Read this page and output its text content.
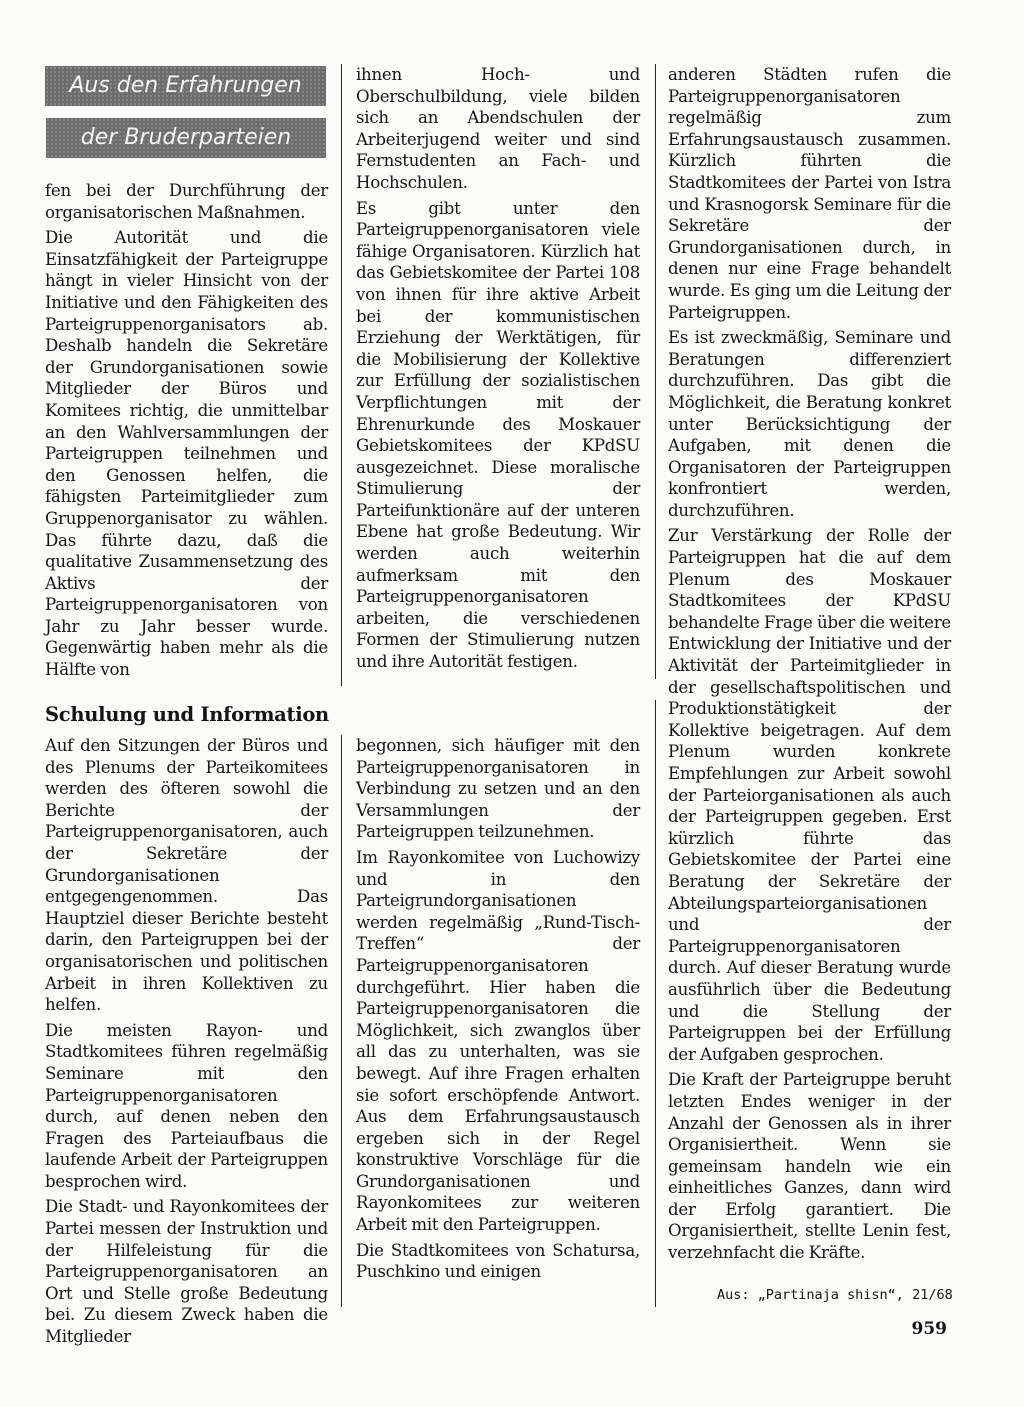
Aus den Erfahrungen
der Bruderparteien

fen bei der Durchführung der organisatorischen Maßnahmen.

Die Autorität und die Einsatzfähigkeit der Parteigruppe hängt in vieler Hinsicht von der Initiative und den Fähigkeiten des Parteigruppenorganisators ab. Deshalb handeln die Sekretäre der Grundorganisationen sowie Mitglieder der Büros und Komitees richtig, die unmittelbar an den Wahlversammlungen der Parteigruppen teilnehmen und den Genossen helfen, die fähigsten Parteimitglieder zum Gruppenorganisator zu wählen. Das führte dazu, daß die qualitative Zusammensetzung des Aktivs der Parteigruppenorganisatoren von Jahr zu Jahr besser wurde. Gegenwärtig haben mehr als die Hälfte von

ihnen Hoch- und Oberschulbildung, viele bilden sich an Abendschulen der Arbeiterjugend weiter und sind Fernstudenten an Fach- und Hochschulen.

Es gibt unter den Parteigruppenorganisatoren viele fähige Organisatoren. Kürzlich hat das Gebietskomitee der Partei 108 von ihnen für ihre aktive Arbeit bei der kommunistischen Erziehung der Werktätigen, für die Mobilisierung der Kollektive zur Erfüllung der sozialistischen Verpflichtungen mit der Ehrenurkunde des Moskauer Gebietskomitees der KPdSU ausgezeichnet. Diese moralische Stimulierung der Parteifunktionäre auf der unteren Ebene hat große Bedeutung. Wir werden auch weiterhin aufmerksam mit den Parteigruppenorganisatoren arbeiten, die verschiedenen Formen der Stimulierung nutzen und ihre Autorität festigen.

Schulung und Information

Auf den Sitzungen der Büros und des Plenums der Parteikomitees werden des öfteren sowohl die Berichte der Parteigruppenorganisatoren, auch der Sekretäre der Grundorganisationen entgegengenommen. Das Hauptziel dieser Berichte besteht darin, den Parteigruppen bei der organisatorischen und politischen Arbeit in ihren Kollektiven zu helfen.

Die meisten Rayon- und Stadtkomitees führen regelmäßig Seminare mit den Parteigruppenorganisatoren durch, auf denen neben den Fragen des Parteiaufbaus die laufende Arbeit der Parteigruppen besprochen wird.

Die Stadt- und Rayonkomitees der Partei messen der Instruktion und der Hilfeleistung für die Parteigruppenorganisatoren an Ort und Stelle große Bedeutung bei. Zu diesem Zweck haben die Mitglieder

begonnen, sich häufiger mit den Parteigruppenorganisatoren in Verbindung zu setzen und an den Versammlungen der Parteigruppen teilzunehmen.

Im Rayonkomitee von Luchowizy und in den Parteigrundorganisationen werden regelmäßig „Rund-Tisch-Treffen“ der Parteigruppenorganisatoren durchgeführt. Hier haben die Parteigruppenorganisatoren die Möglichkeit, sich zwanglos über all das zu unterhalten, was sie bewegt. Auf ihre Fragen erhalten sie sofort erschöpfende Antwort. Aus dem Erfahrungsaustausch ergeben sich in der Regel konstruktive Vorschläge für die Grundorganisationen und Rayonkomitees zur weiteren Arbeit mit den Parteigruppen.

Die Stadtkomitees von Schatursa, Puschkino und einigen

anderen Städten rufen die Parteigruppenorganisatoren regelmäßig zum Erfahrungsaustausch zusammen. Kürzlich führten die Stadtkomitees der Partei von Istra und Krasnogorsk Seminare für die Sekretäre der Grundorganisationen durch, in denen nur eine Frage behandelt wurde. Es ging um die Leitung der Parteigruppen.

Es ist zweckmäßig, Seminare und Beratungen differenziert durchzuführen. Das gibt die Möglichkeit, die Beratung konkret unter Berücksichtigung der Aufgaben, mit denen die Organisatoren der Parteigruppen konfrontiert werden, durchzuführen.

Zur Verstärkung der Rolle der Parteigruppen hat die auf dem Plenum des Moskauer Stadtkomitees der KPdSU behandelte Frage über die weitere Entwicklung der Initiative und der Aktivität der Parteimitglieder in der gesellschaftspolitischen und Produktionstätigkeit der Kollektive beigetragen. Auf dem Plenum wurden konkrete Empfehlungen zur Arbeit sowohl der Parteiorganisationen als auch der Parteigruppen gegeben. Erst kürzlich führte das Gebietskomitee der Partei eine Beratung der Sekretäre der Abteilungsparteiorganisationen und der Parteigruppenorganisatoren durch. Auf dieser Beratung wurde ausführlich über die Bedeutung und die Stellung der Parteigruppen bei der Erfüllung der Aufgaben gesprochen.

Die Kraft der Parteigruppe beruht letzten Endes weniger in der Anzahl der Genossen als in ihrer Organisiertheit. Wenn sie gemeinsam handeln wie ein einheitliches Ganzes, dann wird der Erfolg garantiert. Die Organisiertheit, stellte Lenin fest, verzehnfacht die Kräfte.

Aus: „Partinaja shisn“, 21/68
959
